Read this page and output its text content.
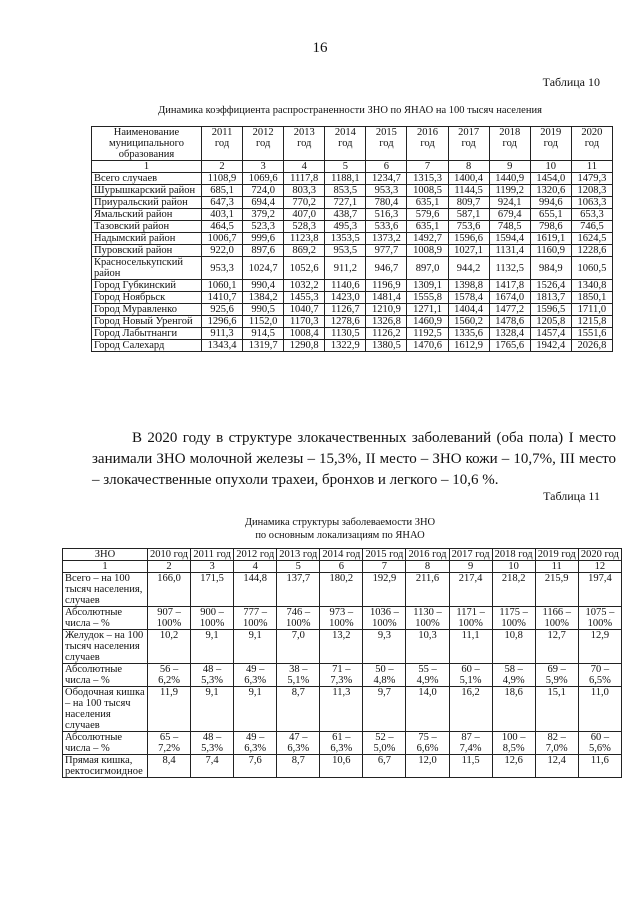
16
Таблица 10
Динамика коэффициента распространенности ЗНО по ЯНАО на 100 тысяч населения
Наименование муниципального образования	2011 год	2012 год	2013 год	2014 год	2015 год	2016 год	2017 год	2018 год	2019 год	2020 год
1	2	3	4	5	6	7	8	9	10	11
Всего случаев	1108,9	1069,6	1117,8	1188,1	1234,7	1315,3	1400,4	1440,9	1454,0	1479,3
Шурышкарский район	685,1	724,0	803,3	853,5	953,3	1008,5	1144,5	1199,2	1320,6	1208,3
Приуральский район	647,3	694,4	770,2	727,1	780,4	635,1	809,7	924,1	994,6	1063,3
Ямальский район	403,1	379,2	407,0	438,7	516,3	579,6	587,1	679,4	655,1	653,3
Тазовский район	464,5	523,3	528,3	495,3	533,6	635,1	753,6	748,5	798,6	746,5
Надымский район	1006,7	999,6	1123,8	1353,5	1373,2	1492,7	1596,6	1594,4	1619,1	1624,5
Пуровский район	922,0	897,6	869,2	953,5	977,7	1008,9	1027,1	1131,4	1160,9	1228,6
Красноселькупский район	953,3	1024,7	1052,6	911,2	946,7	897,0	944,2	1132,5	984,9	1060,5
Город Губкинский	1060,1	990,4	1032,2	1140,6	1196,9	1309,1	1398,8	1417,8	1526,4	1340,8
Город Ноябрьск	1410,7	1384,2	1455,3	1423,0	1481,4	1555,8	1578,4	1674,0	1813,7	1850,1
Город Муравленко	925,6	990,5	1040,7	1126,7	1210,9	1271,1	1404,4	1477,2	1596,5	1711,0
Город Новый Уренгой	1296,6	1152,0	1170,3	1278,6	1326,8	1460,9	1560,2	1478,6	1205,8	1215,8
Город Лабытнанги	911,3	914,5	1008,4	1130,5	1126,2	1192,5	1335,6	1328,4	1457,4	1551,6
Город Салехард	1343,4	1319,7	1290,8	1322,9	1380,5	1470,6	1612,9	1765,6	1942,4	2026,8
В 2020 году в структуре злокачественных заболеваний (оба пола) I место занимали ЗНО молочной железы – 15,3%, II место – ЗНО кожи – 10,7%, III место – злокачественные опухоли трахеи, бронхов и легкого – 10,6 %.
Таблица 11
Динамика структуры заболеваемости ЗНО
по основным локализациям по ЯНАО
ЗНО	2010 год	2011 год	2012 год	2013 год	2014 год	2015 год	2016 год	2017 год	2018 год	2019 год	2020 год
1	2	3	4	5	6	7	8	9	10	11	12
Всего – на 100 тысяч населения, случаев	166,0	171,5	144,8	137,7	180,2	192,9	211,6	217,4	218,2	215,9	197,4
Абсолютные числа – %	907 – 100%	900 – 100%	777 – 100%	746 – 100%	973 – 100%	1036 – 100%	1130 – 100%	1171 – 100%	1175 – 100%	1166 – 100%	1075 – 100%
Желудок – на 100 тысяч населения случаев	10,2	9,1	9,1	7,0	13,2	9,3	10,3	11,1	10,8	12,7	12,9
Абсолютные числа – %	56 – 6,2%	48 – 5,3%	49 – 6,3%	38 – 5,1%	71 – 7,3%	50 – 4,8%	55 – 4,9%	60 – 5,1%	58 – 4,9%	69 – 5,9%	70 – 6,5%
Ободочная кишка – на 100 тысяч населения случаев	11,9	9,1	9,1	8,7	11,3	9,7	14,0	16,2	18,6	15,1	11,0
Абсолютные числа – %	65 – 7,2%	48 – 5,3%	49 – 6,3%	47 – 6,3%	61 – 6,3%	52 – 5,0%	75 – 6,6%	87 – 7,4%	100 – 8,5%	82 – 7,0%	60 – 5,6%
Прямая кишка, ректосигмоидное	8,4	7,4	7,6	8,7	10,6	6,7	12,0	11,5	12,6	12,4	11,6
